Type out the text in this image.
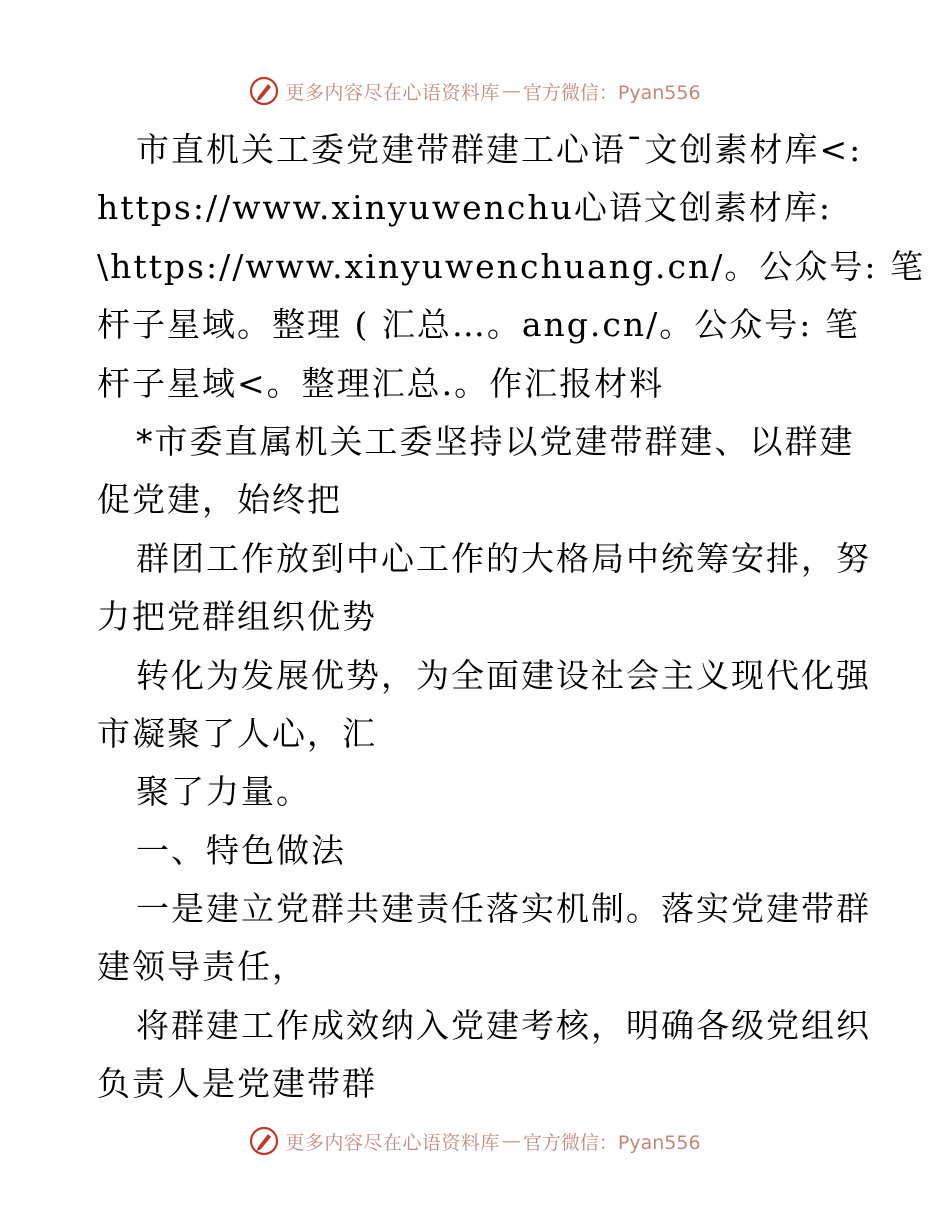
更多内容尽在心语资料库 — 官方微信：Pyan556
市直机关工委党建带群建工心语¯文创素材库<:
https://www.xinyuwenchu心语文创素材库:
\https://www.xinyuwenchuang.cn/。公众号: 笔
杆子星域。整理 ( 汇总…。ang.cn/。公众号: 笔
杆子星域<。整理汇总.。作汇报材料
*市委直属机关工委坚持以党建带群建、以群建
促党建，始终把
群团工作放到中心工作的大格局中统筹安排，努
力把党群组织优势
转化为发展优势，为全面建设社会主义现代化强
市凝聚了人心，汇
聚了力量。
一、特色做法
一是建立党群共建责任落实机制。落实党建带群
建领导责任，
将群建工作成效纳入党建考核，明确各级党组织
负责人是党建带群
更多内容尽在心语资料库 — 官方微信：Pyan556
